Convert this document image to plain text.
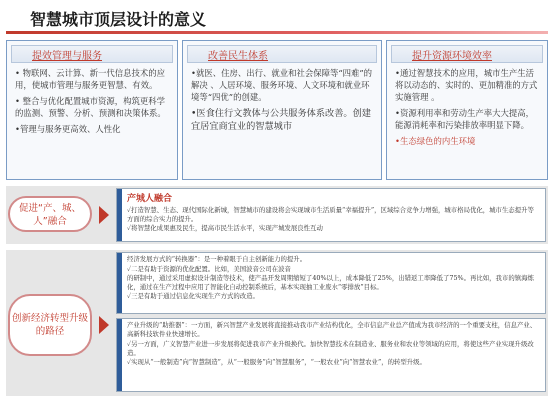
智慧城市顶层设计的意义
提效管理与服务

• 物联网、云计算、新一代信息技术的应用，使城市管理与服务更智慧、有效。

• 整合与优化配置城市资源，构筑更科学的监测、预警、分析、预测和决策体系。

•管理与服务更高效、人性化

改善民生体系

•就医、住房、出行、就业和社会保障等“四难”的解决 、人居环境、服务环境、人文环境和就业环境等“四优”的创建。

•医食住行文教体与公共服务体系改善。创建宜居宜商宜业的智慧城市

提升资源环境效率

•通过智慧技术的应用，城市生产生活将以动态的、实时的、更加精准的方式实施管理 。

•资源利用率和劳动生产率大大提高，能源消耗率和污染排放率明显下降。

•生态绿色的内生环境

促进“产、城、人”融合
产城人融合

✓打造智慧、生态、现代国际化新城，智慧城市的建设将会实现城市生活质量“幸福提升”，区域综合竞争力增强，城市格局优化，城市生态提升等方面的综合实力的提升。

✓将智慧化成果惠及民生，提高市民生活水平，实现产城发展良性互动

创新经济转型升级的路径
经济发展方式的“转换器”：是一种着眼于自主创新能力的提升。

✓二是有助于资源的优化配置。比如，美国波音公司在波音

的研制中，通过采用虚拟设计制造等技术，使产品开发周期缩短了40%以上，成本降低了25%，出错返工率降低了75%。再比如，我市的镇海炼化，通过在生产过程中应用了智能化自动控制系统后，基本实现抽工业废水“零排放”目标。

✓三是有助于通过信息化实现生产方式的改造。

产业升级的“助推器”：一方面，新兴智慧产业发展将直接推动我市产业结构优化，全市信息产业总产值成为我市经济的一个重要支柱，信息产业、高新科技软件业快速增长。

✓另一方面，广义智慧产业进一步发展将促进我市产业升级换代。加快智慧技术在制造业、服务业和农业等领域的应用，将使这些产业实现升级改造。

✓实现从“一般制造”向“智慧制造”，从“一般服务”向“智慧服务”，“一般农业”向“智慧农业”，的转型升级。
